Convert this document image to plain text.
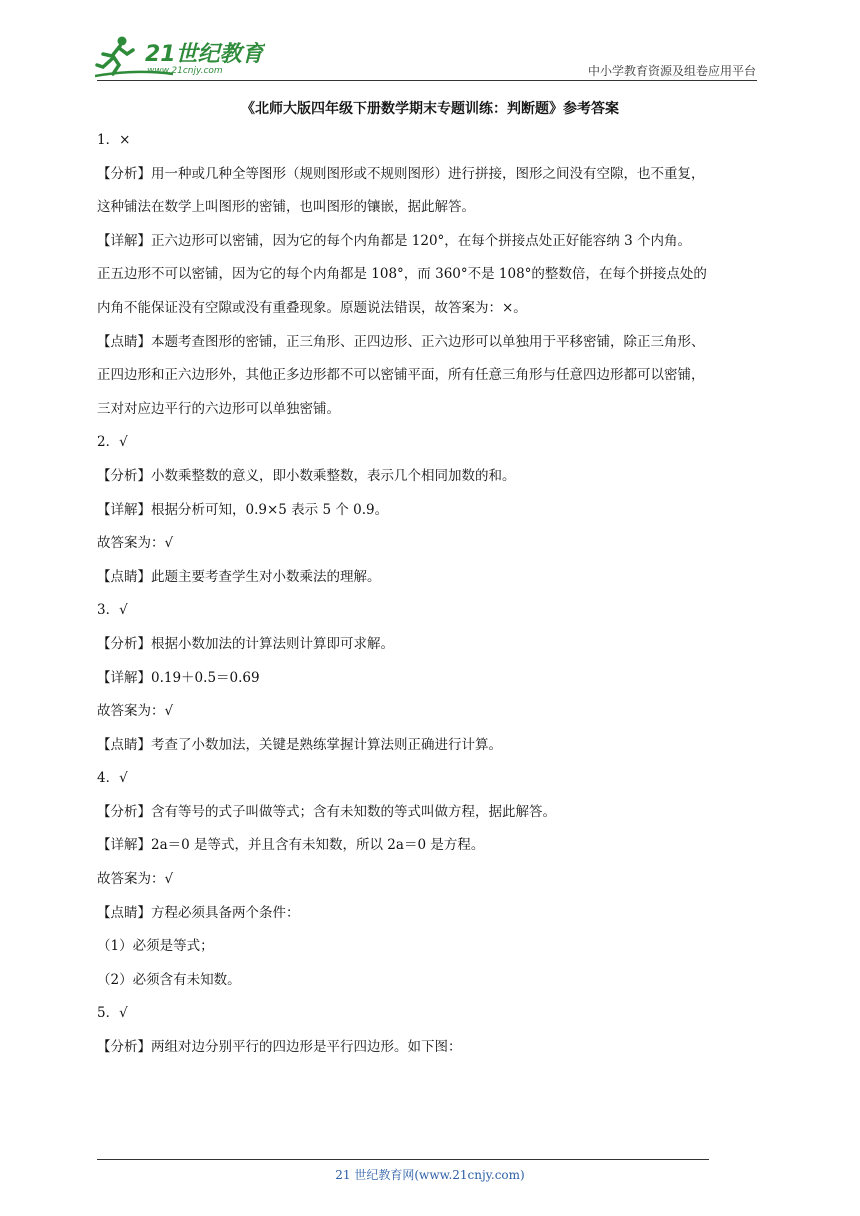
21世纪教育
www.21cnjy.com	中小学教育资源及组卷应用平台
《北师大版四年级下册数学期末专题训练：判断题》参考答案
1．×
【分析】用一种或几种全等图形（规则图形或不规则图形）进行拼接，图形之间没有空隙，也不重复，
这种铺法在数学上叫图形的密铺，也叫图形的镶嵌，据此解答。
【详解】正六边形可以密铺，因为它的每个内角都是 120°，在每个拼接点处正好能容纳 3 个内角。
正五边形不可以密铺，因为它的每个内角都是 108°，而 360°不是 108°的整数倍，在每个拼接点处的
内角不能保证没有空隙或没有重叠现象。原题说法错误，故答案为：×。
【点睛】本题考查图形的密铺，正三角形、正四边形、正六边形可以单独用于平移密铺，除正三角形、
正四边形和正六边形外，其他正多边形都不可以密铺平面，所有任意三角形与任意四边形都可以密铺，
三对对应边平行的六边形可以单独密铺。
2．√
【分析】小数乘整数的意义，即小数乘整数，表示几个相同加数的和。
【详解】根据分析可知，0.9×5 表示 5 个 0.9。
故答案为：√
【点睛】此题主要考查学生对小数乘法的理解。
3．√
【分析】根据小数加法的计算法则计算即可求解。
【详解】0.19＋0.5＝0.69
故答案为：√
【点睛】考查了小数加法，关键是熟练掌握计算法则正确进行计算。
4．√
【分析】含有等号的式子叫做等式；含有未知数的等式叫做方程，据此解答。
【详解】2a＝0 是等式，并且含有未知数，所以 2a＝0 是方程。
故答案为：√
【点睛】方程必须具备两个条件：
（1）必须是等式；
（2）必须含有未知数。
5．√
【分析】两组对边分别平行的四边形是平行四边形。如下图：
21 世纪教育网(www.21cnjy.com)
